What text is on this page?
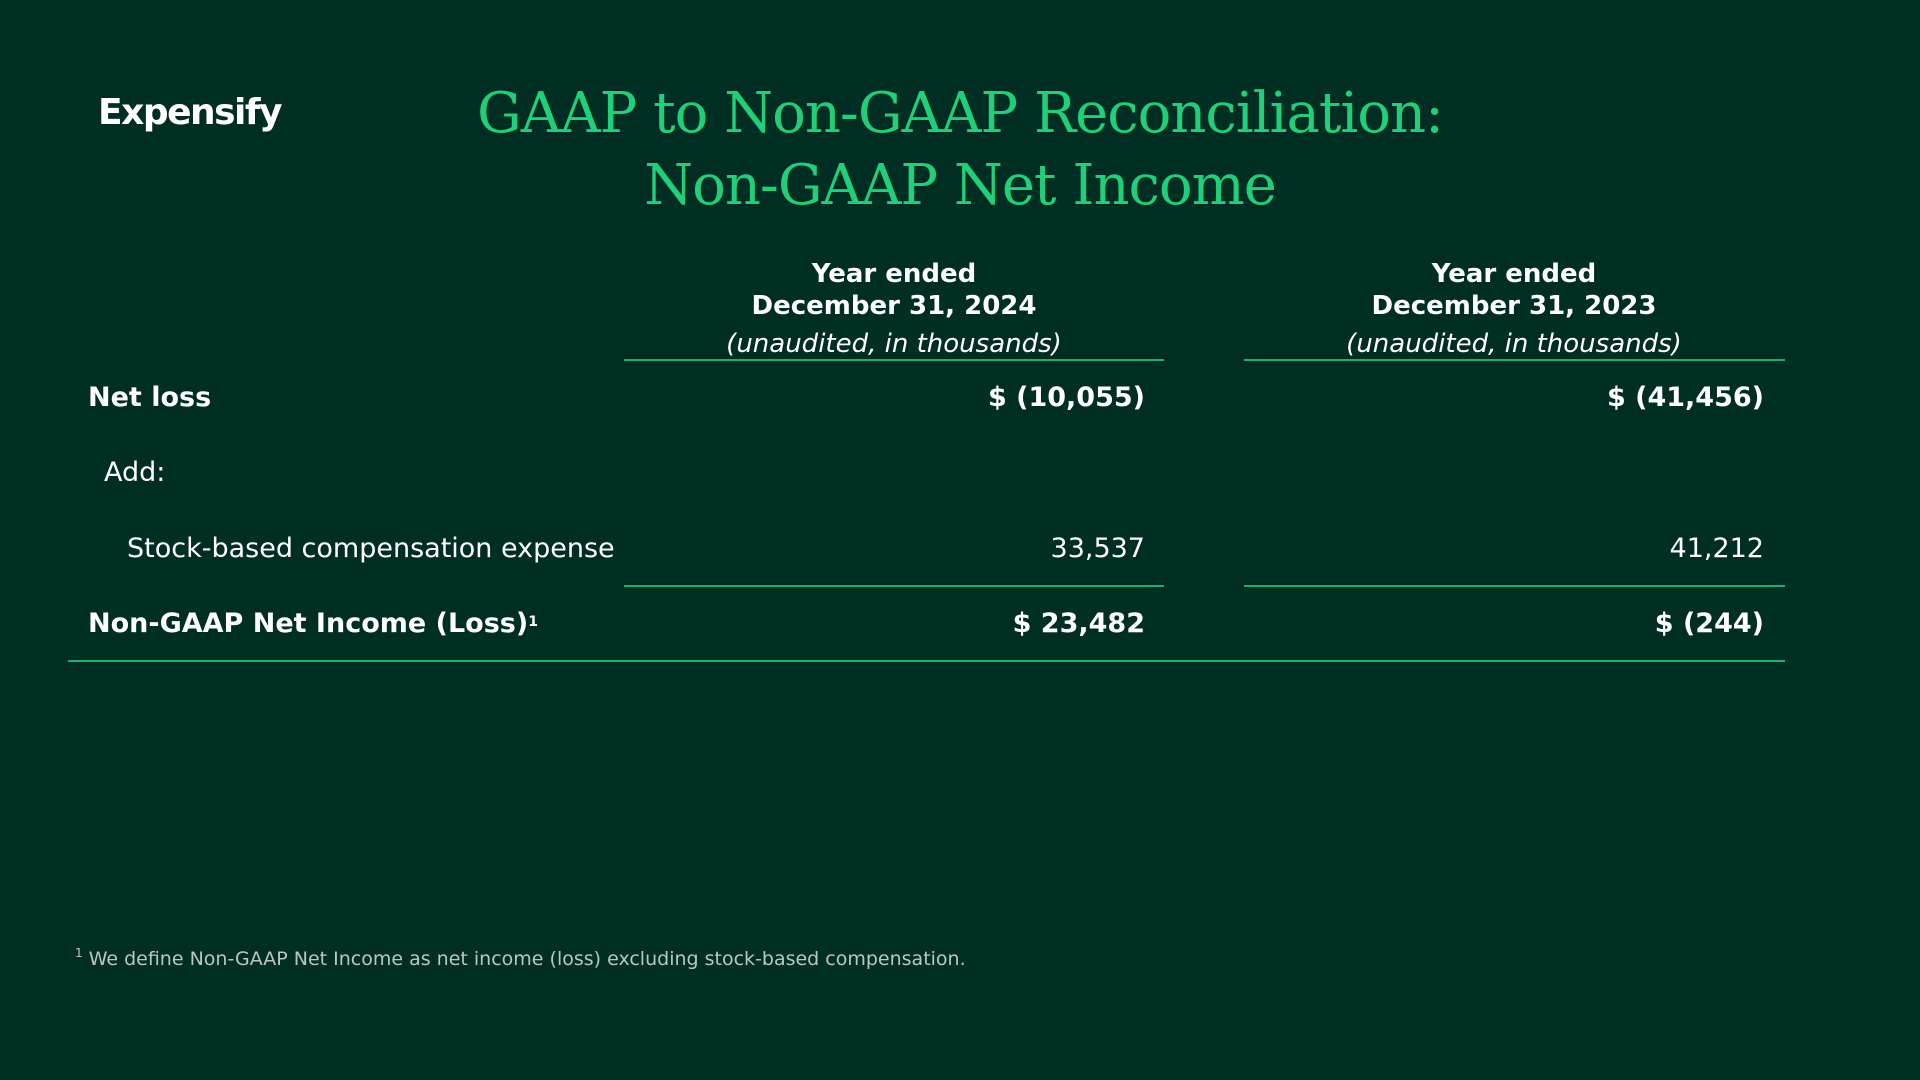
Expensify	GAAP to Non-GAAP Reconciliation:
Non-GAAP Net Income
Year ended
December 31, 2024
(unaudited, in thousands)
Year ended
December 31, 2023
(unaudited, in thousands)
Net loss	$ (10,055)	$ (41,456)
Add:
Stock-based compensation expense	33,537	41,212
Non-GAAP Net Income (Loss)$^1$	$ 23,482	$ (244)
$^1$ We define Non-GAAP Net Income as net income (loss) excluding stock-based compensation.
